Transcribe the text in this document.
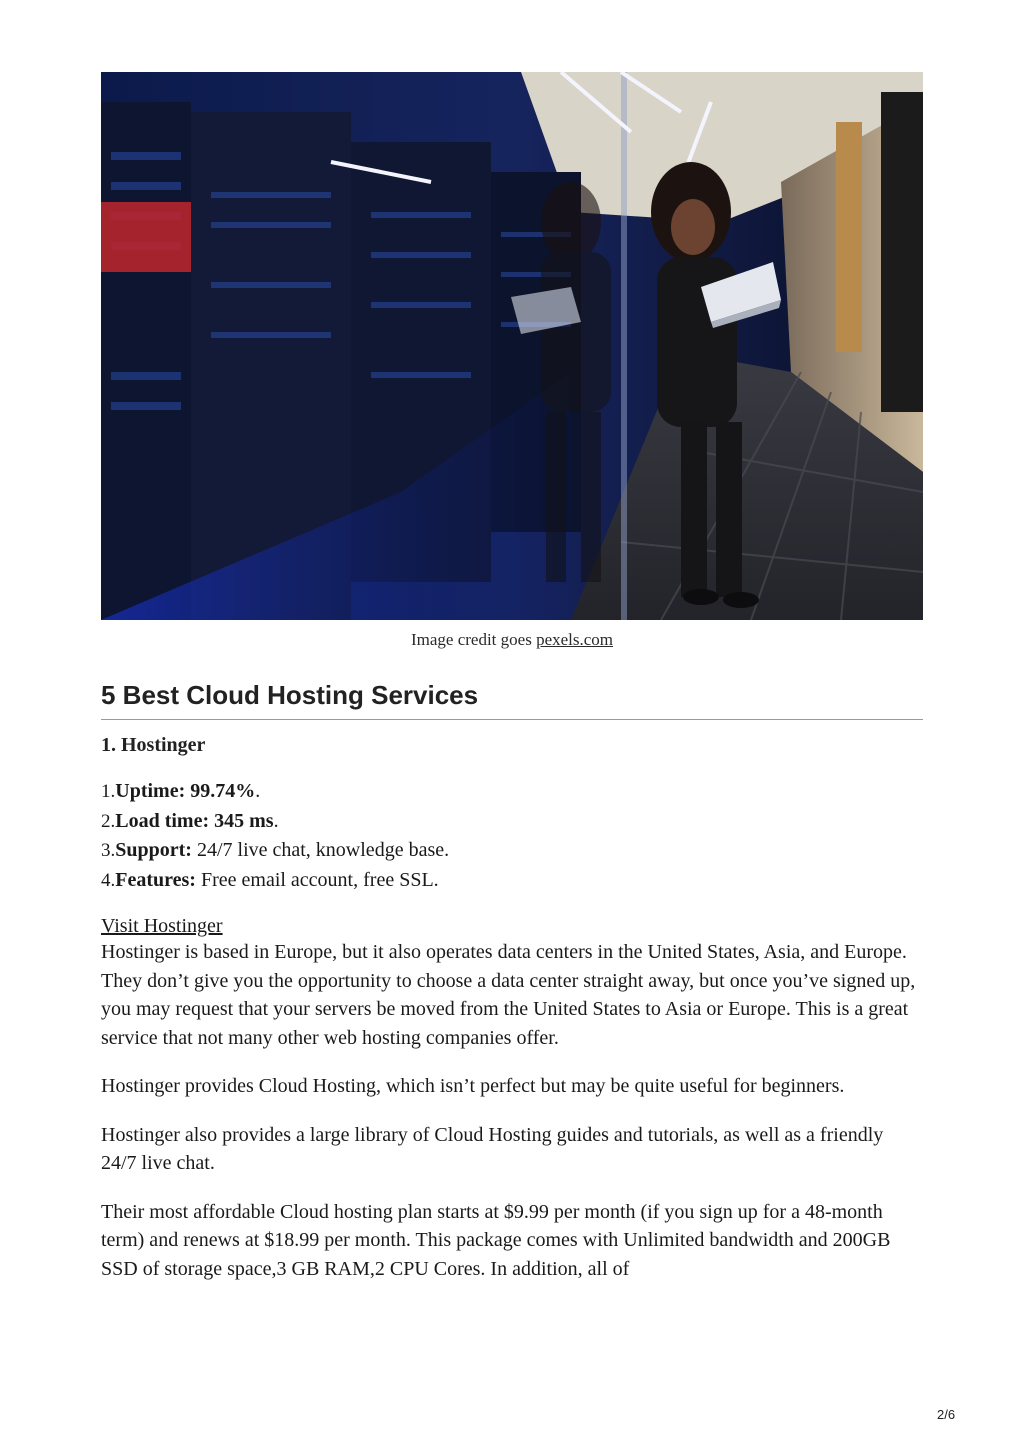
Image credit goes pexels.com
5 Best Cloud Hosting Services
1. Hostinger
1.Uptime: 99.74%.
2.Load time: 345 ms.
3.Support: 24/7 live chat, knowledge base.
4.Features: Free email account, free SSL.
Visit Hostinger

Hostinger is based in Europe, but it also operates data centers in the United States, Asia, and Europe. They don’t give you the opportunity to choose a data center straight away, but once you’ve signed up, you may request that your servers be moved from the United States to Asia or Europe. This is a great service that not many other web hosting companies offer.

Hostinger provides Cloud Hosting, which isn’t perfect but may be quite useful for beginners.

Hostinger also provides a large library of Cloud Hosting guides and tutorials, as well as a friendly 24/7 live chat.

Their most affordable Cloud hosting plan starts at $9.99 per month (if you sign up for a 48-month term) and renews at $18.99 per month. This package comes with Unlimited bandwidth and 200GB SSD of storage space,3 GB RAM,2 CPU Cores. In addition, all of

2/6
